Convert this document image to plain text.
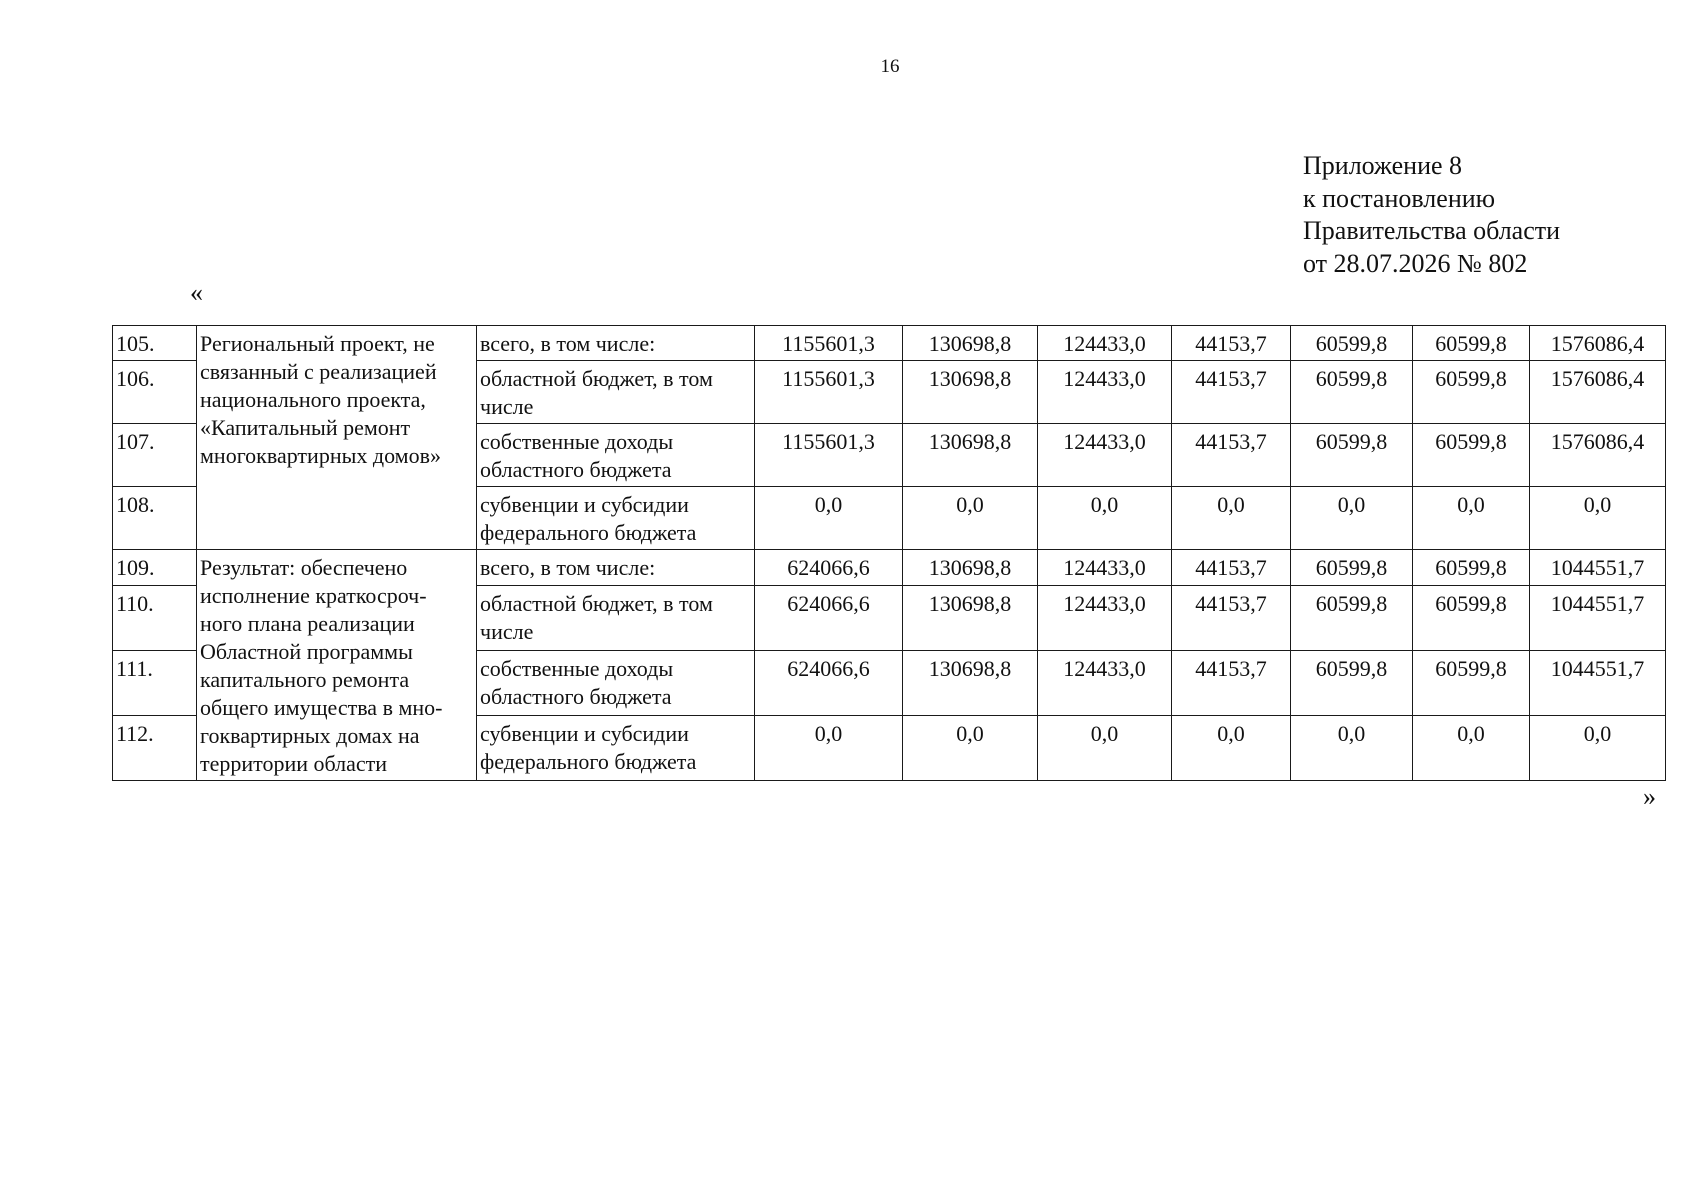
16
Приложение 8
к постановлению
Правительства области
от 28.07.2026 № 802
«
105.	Региональный проект, не связанный с реализацией национального проекта, «Капитальный ремонт многоквартирных домов»	всего, в том числе:	1155601,3	130698,8	124433,0	44153,7	60599,8	60599,8	1576086,4
106.		областной бюджет, в том числе	1155601,3	130698,8	124433,0	44153,7	60599,8	60599,8	1576086,4
107.		собственные доходы областного бюджета	1155601,3	130698,8	124433,0	44153,7	60599,8	60599,8	1576086,4
108.		субвенции и субсидии федерального бюджета	0,0	0,0	0,0	0,0	0,0	0,0	0,0
109.	Результат: обеспечено исполнение краткосроч- ного плана реализации Областной программы капитального ремонта общего имущества в мно- гоквартирных домах на территории области	всего, в том числе:	624066,6	130698,8	124433,0	44153,7	60599,8	60599,8	1044551,7
110.		областной бюджет, в том числе	624066,6	130698,8	124433,0	44153,7	60599,8	60599,8	1044551,7
111.		собственные доходы областного бюджета	624066,6	130698,8	124433,0	44153,7	60599,8	60599,8	1044551,7
112.		субвенции и субсидии федерального бюджета	0,0	0,0	0,0	0,0	0,0	0,0	0,0
»
